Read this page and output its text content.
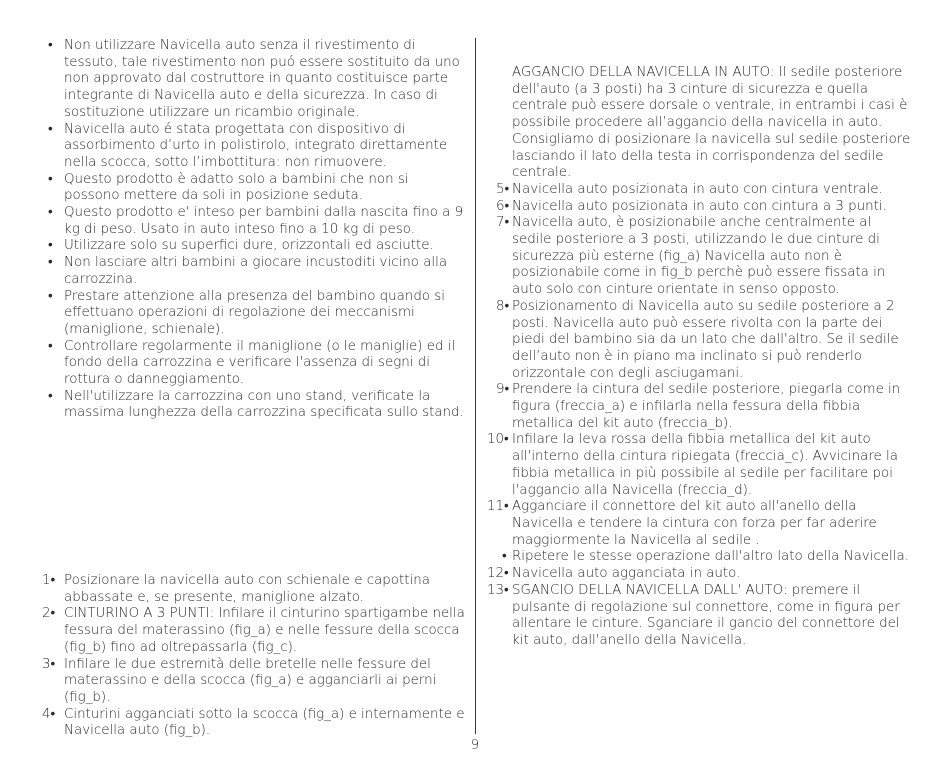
• Non utilizzare Navicella auto senza il rivestimento di tessuto, tale rivestimento non puó essere sostituito da uno non approvato dal costruttore in quanto costituisce parte integrante di Navicella auto e della sicurezza. In caso di sostituzione utilizzare un ricambio originale.
• Navicella auto é stata progettata con dispositivo di assorbimento d’urto in polistirolo, integrato direttamente nella scocca, sotto l’imbottitura: non rimuovere.
• Questo prodotto è adatto solo a bambini che non si possono mettere da soli in posizione seduta.
• Questo prodotto e' inteso per bambini dalla nascita fino a 9 kg di peso. Usato in auto inteso fino a 10 kg di peso.
• Utilizzare solo su superfici dure, orizzontali ed asciutte.
• Non lasciare altri bambini a giocare incustoditi vicino alla carrozzina.
• Prestare attenzione alla presenza del bambino quando si effettuano operazioni di regolazione dei meccanismi (maniglione, schienale).
• Controllare regolarmente il maniglione (o le maniglie) ed il fondo della carrozzina e verificare l'assenza di segni di rottura o danneggiamento.
• Nell'utilizzare la carrozzina con uno stand, verificate la massima lunghezza della carrozzina specificata sullo stand.
1• Posizionare la navicella auto con schienale e capottina abbassate e, se presente, maniglione alzato.
2• CINTURINO A 3 PUNTI: Infilare il cinturino spartigambe nella fessura del materassino (fig_a) e nelle fessure della scocca (fig_b) fino ad oltrepassarla (fig_c).
3• Infilare le due estremità delle bretelle nelle fessure del materassino e della scocca (fig_a) e agganciarli ai perni (fig_b).
4• Cinturini agganciati sotto la scocca (fig_a) e internamente e Navicella auto (fig_b).
AGGANCIO DELLA NAVICELLA IN AUTO: Il sedile posteriore dell'auto (a 3 posti) ha 3 cinture di sicurezza e quella centrale può essere dorsale o ventrale, in entrambi i casi è possibile procedere all’aggancio della navicella in auto. Consigliamo di posizionare la navicella sul sedile posteriore lasciando il lato della testa in corrispondenza del sedile centrale.
5• Navicella auto posizionata in auto con cintura ventrale.
6• Navicella auto posizionata in auto con cintura a 3 punti.
7• Navicella auto, è posizionabile anche centralmente al sedile posteriore a 3 posti, utilizzando le due cinture di sicurezza più esterne (fig_a) Navicella auto non è posizionabile come in fig_b perchè può essere fissata in auto solo con cinture orientate in senso opposto.
8• Posizionamento di Navicella auto su sedile posteriore a 2 posti. Navicella auto può essere rivolta con la parte dei piedi del bambino sia da un lato che dall'altro. Se il sedile dell’auto non è in piano ma inclinato si può renderlo orizzontale con degli asciugamani.
9• Prendere la cintura del sedile posteriore, piegarla come in figura (freccia_a) e infilarla nella fessura della fibbia metallica del kit auto (freccia_b).
10• Infilare la leva rossa della fibbia metallica del kit auto all'interno della cintura ripiegata (freccia_c). Avvicinare la fibbia metallica in più possibile al sedile per facilitare poi l'aggancio alla Navicella (freccia_d).
11• Agganciare il connettore del kit auto all'anello della Navicella e tendere la cintura con forza per far aderire maggiormente la Navicella al sedile .
• Ripetere le stesse operazione dall'altro lato della Navicella.
12• Navicella auto agganciata in auto.
13• SGANCIO DELLA NAVICELLA DALL' AUTO: premere il pulsante di regolazione sul connettore, come in figura per allentare le cinture. Sganciare il gancio del connettore del kit auto, dall'anello della Navicella.
9
